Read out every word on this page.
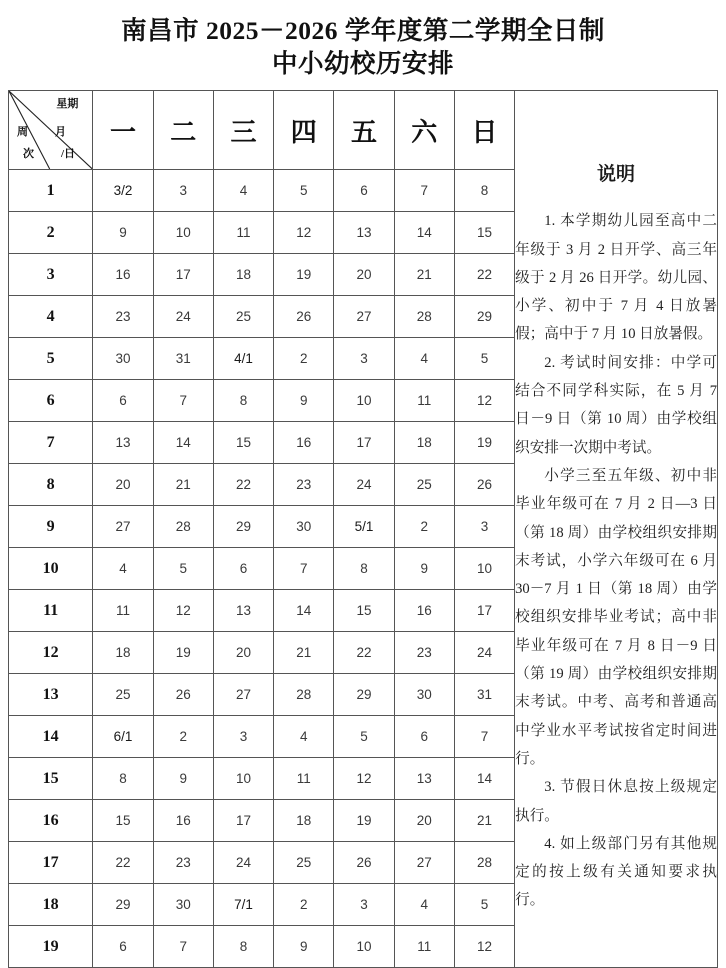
南昌市 2025－2026 学年度第二学期全日制
中小幼校历安排
星期
月
/日
周
次
	一	二	三	四	五	六	日	
说明

1. 本学期幼儿园至高中二年级于 3 月 2 日开学、高三年级于 2 月 26 日开学。幼儿园、小学、初中于 7 月 4 日放暑假；高中于 7 月 10 日放暑假。

2. 考试时间安排：中学可结合不同学科实际，在 5 月 7 日－9 日（第 10 周）由学校组织安排一次期中考试。

小学三至五年级、初中非毕业年级可在 7 月 2 日—3 日（第 18 周）由学校组织安排期末考试，小学六年级可在 6 月 30－7 月 1 日（第 18 周）由学校组织安排毕业考试；高中非毕业年级可在 7 月 8 日－9 日（第 19 周）由学校组织安排期末考试。中考、高考和普通高中学业水平考试按省定时间进行。

3. 节假日休息按上级规定执行。

4. 如上级部门另有其他规定的按上级有关通知要求执行。

1	3/2	3	4	5	6	7	8	
2	9	10	11	12	13	14	15	
3	16	17	18	19	20	21	22	
4	23	24	25	26	27	28	29	
5	30	31	4/1	2	3	4	5	
6	6	7	8	9	10	11	12	
7	13	14	15	16	17	18	19	
8	20	21	22	23	24	25	26	
9	27	28	29	30	5/1	2	3	
10	4	5	6	7	8	9	10	
11	11	12	13	14	15	16	17	
12	18	19	20	21	22	23	24	
13	25	26	27	28	29	30	31	
14	6/1	2	3	4	5	6	7	
15	8	9	10	11	12	13	14	
16	15	16	17	18	19	20	21	
17	22	23	24	25	26	27	28	
18	29	30	7/1	2	3	4	5	
19	6	7	8	9	10	11	12	
